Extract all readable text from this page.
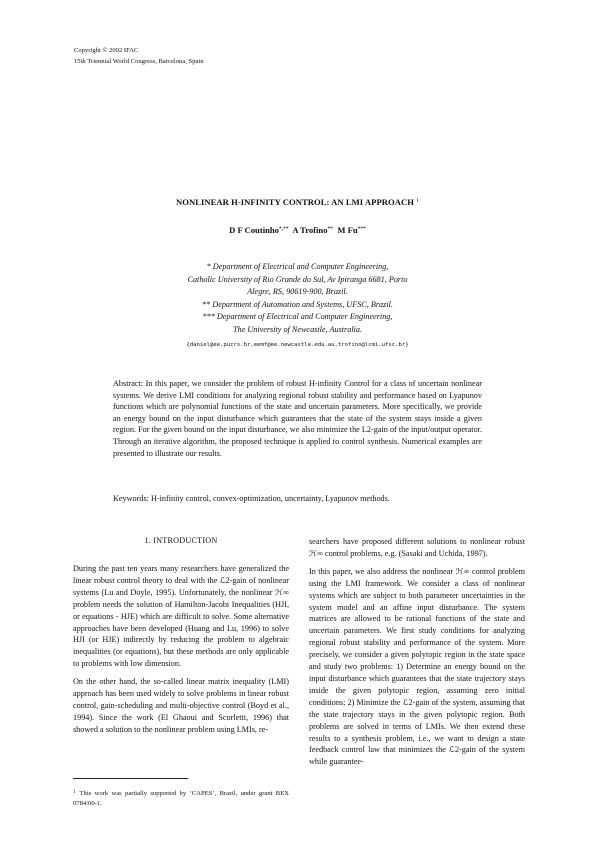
Copyright © 2002 IFAC
15th Triennial World Congress, Barcelona, Spain
NONLINEAR H-INFINITY CONTROL: AN LMI APPROACH $^1$
D F Coutinho*,** A Trofino** M Fu***
* Department of Electrical and Computer Engineering,
Catholic University of Rio Grande do Sul, Av Ipiranga 6681, Porto
Alegre, RS, 90619-900, Brazil.
** Department of Automation and Systems, UFSC, Brazil.
*** Department of Electrical and Computer Engineering,
The University of Newcastle, Australia.
{daniel@ee.pucrs.br,eemf@ee.newcastle.edu.au,trofino@lcmi.ufsc.br}
Abstract: In this paper, we consider the problem of robust H-infinity Control for a class of uncertain nonlinear systems. We derive LMI conditions for analyzing regional robust stability and performance based on Lyapunov functions which are polynomial functions of the state and uncertain parameters. More specifically, we provide an energy bound on the input disturbance which guarantees that the state of the system stays inside a given region. For the given bound on the input disturbance, we also minimize the L2-gain of the input/output operator. Through an iterative algorithm, the proposed technique is applied to control synthesis. Numerical examples are presented to illustrate our results.
Keywords: H-infinity control, convex-optimization, uncertainty, Lyapunov methods.
1. INTRODUCTION

During the past ten years many researchers have generalized the linear robust control theory to deal with the ℒ2-gain of nonlinear systems (Lu and Doyle, 1995). Unfortunately, the nonlinear ℋ∞ problem needs the solution of Hamilton-Jacobi Inequalities (HJI, or equations - HJE) which are difficult to solve. Some alternative approaches have been developed (Huang and Lu, 1996) to solve HJI (or HJE) indirectly by reducing the problem to algebraic inequalities (or equations), but these methods are only applicable to problems with low dimension.

On the other hand, the so-called linear matrix inequality (LMI) approach has been used widely to solve problems in linear robust control, gain-scheduling and multi-objective control (Boyd et al., 1994). Since the work (El Ghaoui and Scorletti, 1996) that showed a solution to the nonlinear problem using LMIs, re-

$^1$ This work was partially supported by ‘CAPES’, Brazil, under grant BEX 0784/00-1.

searchers have proposed different solutions to nonlinear robust ℋ∞ control problems, e.g. (Sasaki and Uchida, 1997).

In this paper, we also address the nonlinear ℋ∞ control problem using the LMI framework. We consider a class of nonlinear systems which are subject to both parameter uncertainties in the system model and an affine input disturbance. The system matrices are allowed to be rational functions of the state and uncertain parameters. We first study conditions for analyzing regional robust stability and performance of the system. More precisely, we consider a given polytopic region in the state space and study two problems: 1) Determine an energy bound on the input disturbance which guarantees that the state trajectory stays inside the given polytopic region, assuming zero initial conditions; 2) Minimize the ℒ2-gain of the system, assuming that the state trajectory stays in the given polytopic region. Both problems are solved in terms of LMIs. We then extend these results to a synthesis problem, i.e., we want to design a state feedback control law that minimizes the ℒ2-gain of the system while guarantee-
